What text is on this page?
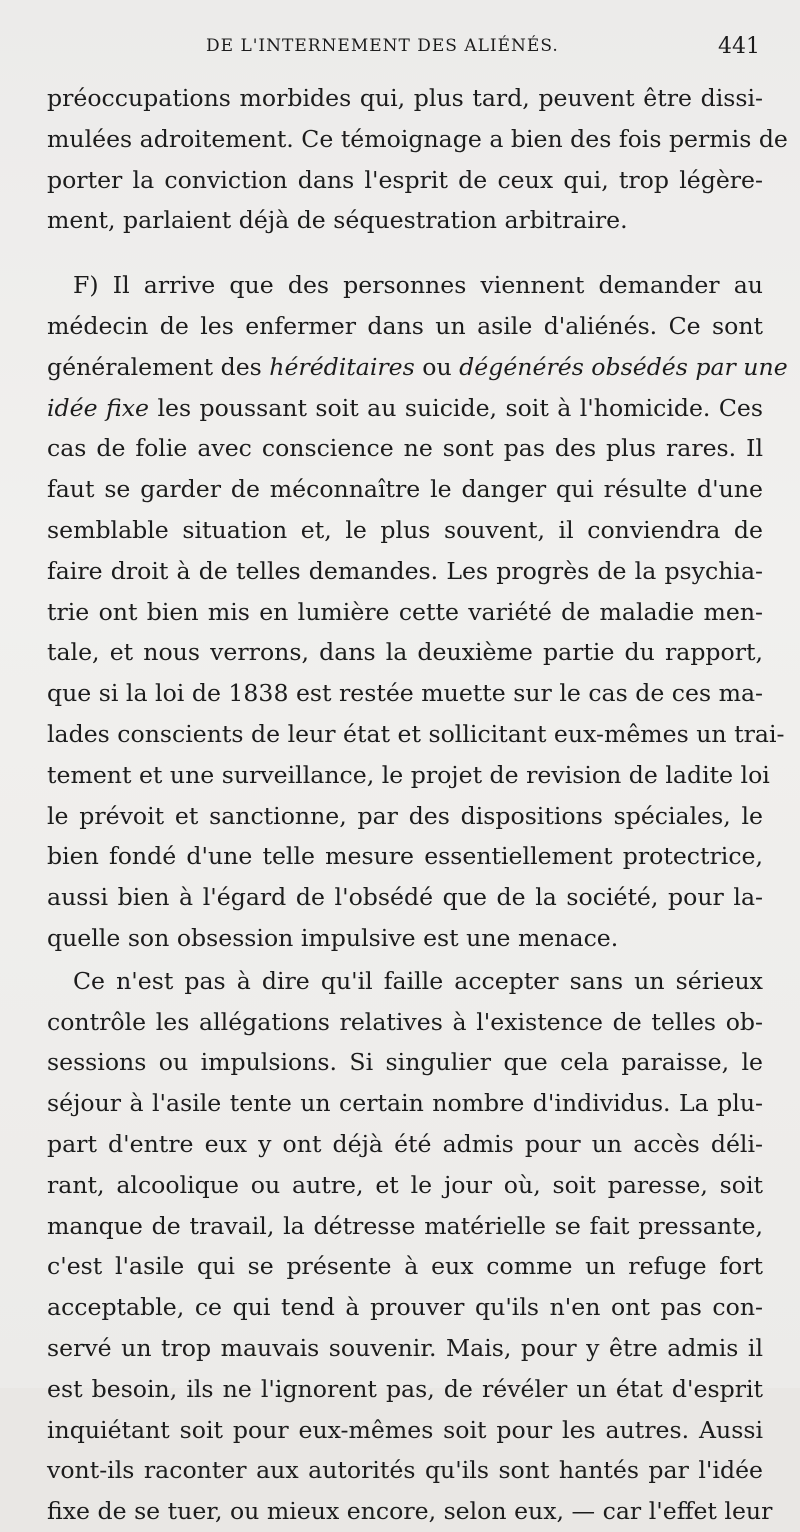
DE L'INTERNEMENT DES ALIÉNÉS.	441
préoccupations morbides qui, plus tard, peuvent être dissi-
mulées adroitement. Ce témoignage a bien des fois permis de
porter la conviction dans l'esprit de ceux qui, trop légère-
ment, parlaient déjà de séquestration arbitraire.
F) Il arrive que des personnes viennent demander au
médecin de les enfermer dans un asile d'aliénés. Ce sont
généralement des héréditaires ou dégénérés obsédés par une
idée fixe les poussant soit au suicide, soit à l'homicide. Ces
cas de folie avec conscience ne sont pas des plus rares. Il
faut se garder de méconnaître le danger qui résulte d'une
semblable situation et, le plus souvent, il conviendra de
faire droit à de telles demandes. Les progrès de la psychia-
trie ont bien mis en lumière cette variété de maladie men-
tale, et nous verrons, dans la deuxième partie du rapport,
que si la loi de 1838 est restée muette sur le cas de ces ma-
lades conscients de leur état et sollicitant eux-mêmes un trai-
tement et une surveillance, le projet de revision de ladite loi
le prévoit et sanctionne, par des dispositions spéciales, le
bien fondé d'une telle mesure essentiellement protectrice,
aussi bien à l'égard de l'obsédé que de la société, pour la-
quelle son obsession impulsive est une menace.
Ce n'est pas à dire qu'il faille accepter sans un sérieux
contrôle les allégations relatives à l'existence de telles ob-
sessions ou impulsions. Si singulier que cela paraisse, le
séjour à l'asile tente un certain nombre d'individus. La plu-
part d'entre eux y ont déjà été admis pour un accès déli-
rant, alcoolique ou autre, et le jour où, soit paresse, soit
manque de travail, la détresse matérielle se fait pressante,
c'est l'asile qui se présente à eux comme un refuge fort
acceptable, ce qui tend à prouver qu'ils n'en ont pas con-
servé un trop mauvais souvenir. Mais, pour y être admis il
est besoin, ils ne l'ignorent pas, de révéler un état d'esprit
inquiétant soit pour eux-mêmes soit pour les autres. Aussi
vont-ils raconter aux autorités qu'ils sont hantés par l'idée
fixe de se tuer, ou mieux encore, selon eux, — car l'effet leur
